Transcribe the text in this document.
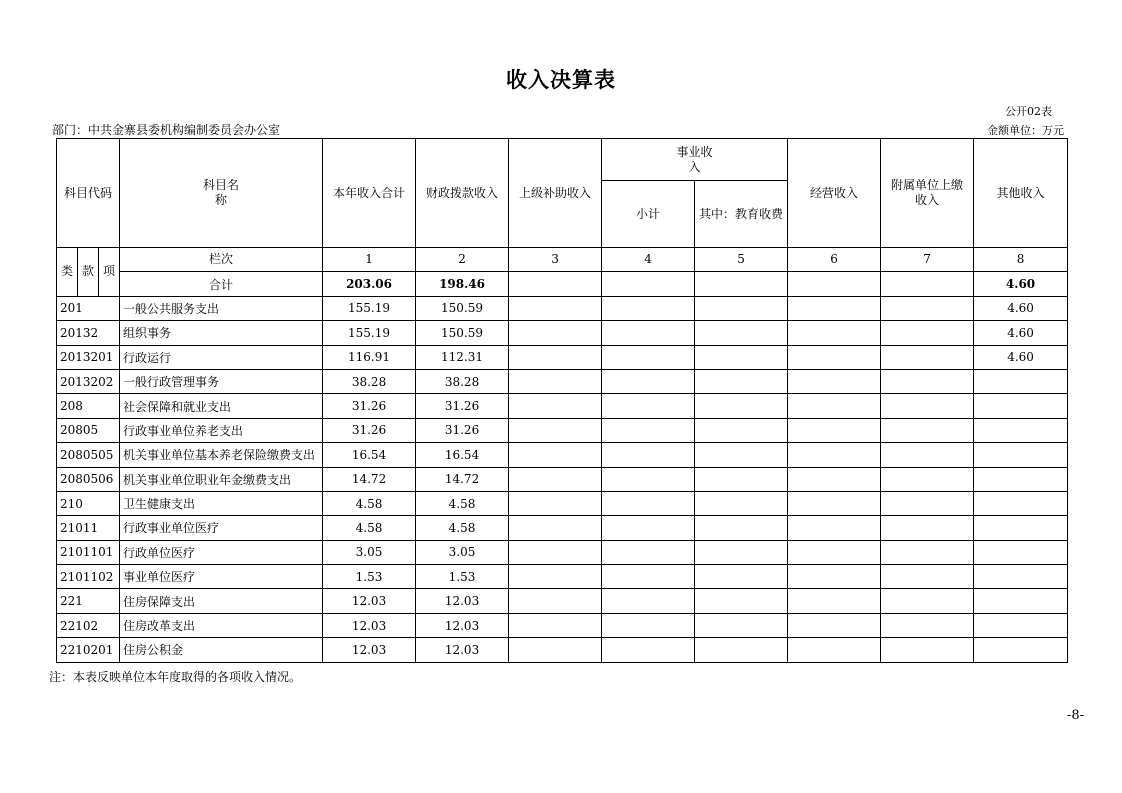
收入决算表
公开02表
部门：中共金寨县委机构编制委员会办公室	金额单位：万元
科目代码			科目名称	本年收入合计	财政拨款收入	上级补助收入	事业收入		经营收入	附属单位上缴收入	其他收入
							小计	其中：教育收费			
类	款	项	栏次	1	2	3	4	5	6	7	8
			合计	203.06	198.46						4.60
201			一般公共服务支出	155.19	150.59						4.60
20132			组织事务	155.19	150.59						4.60
2013201			行政运行	116.91	112.31						4.60
2013202			一般行政管理事务	38.28	38.28						
208			社会保障和就业支出	31.26	31.26						
20805			行政事业单位养老支出	31.26	31.26						
2080505			机关事业单位基本养老保险缴费支出	16.54	16.54						
2080506			机关事业单位职业年金缴费支出	14.72	14.72						
210			卫生健康支出	4.58	4.58						
21011			行政事业单位医疗	4.58	4.58						
2101101			行政单位医疗	3.05	3.05						
2101102			事业单位医疗	1.53	1.53						
221			住房保障支出	12.03	12.03						
22102			住房改革支出	12.03	12.03						
2210201			住房公积金	12.03	12.03						
注：本表反映单位本年度取得的各项收入情况。
-8-
